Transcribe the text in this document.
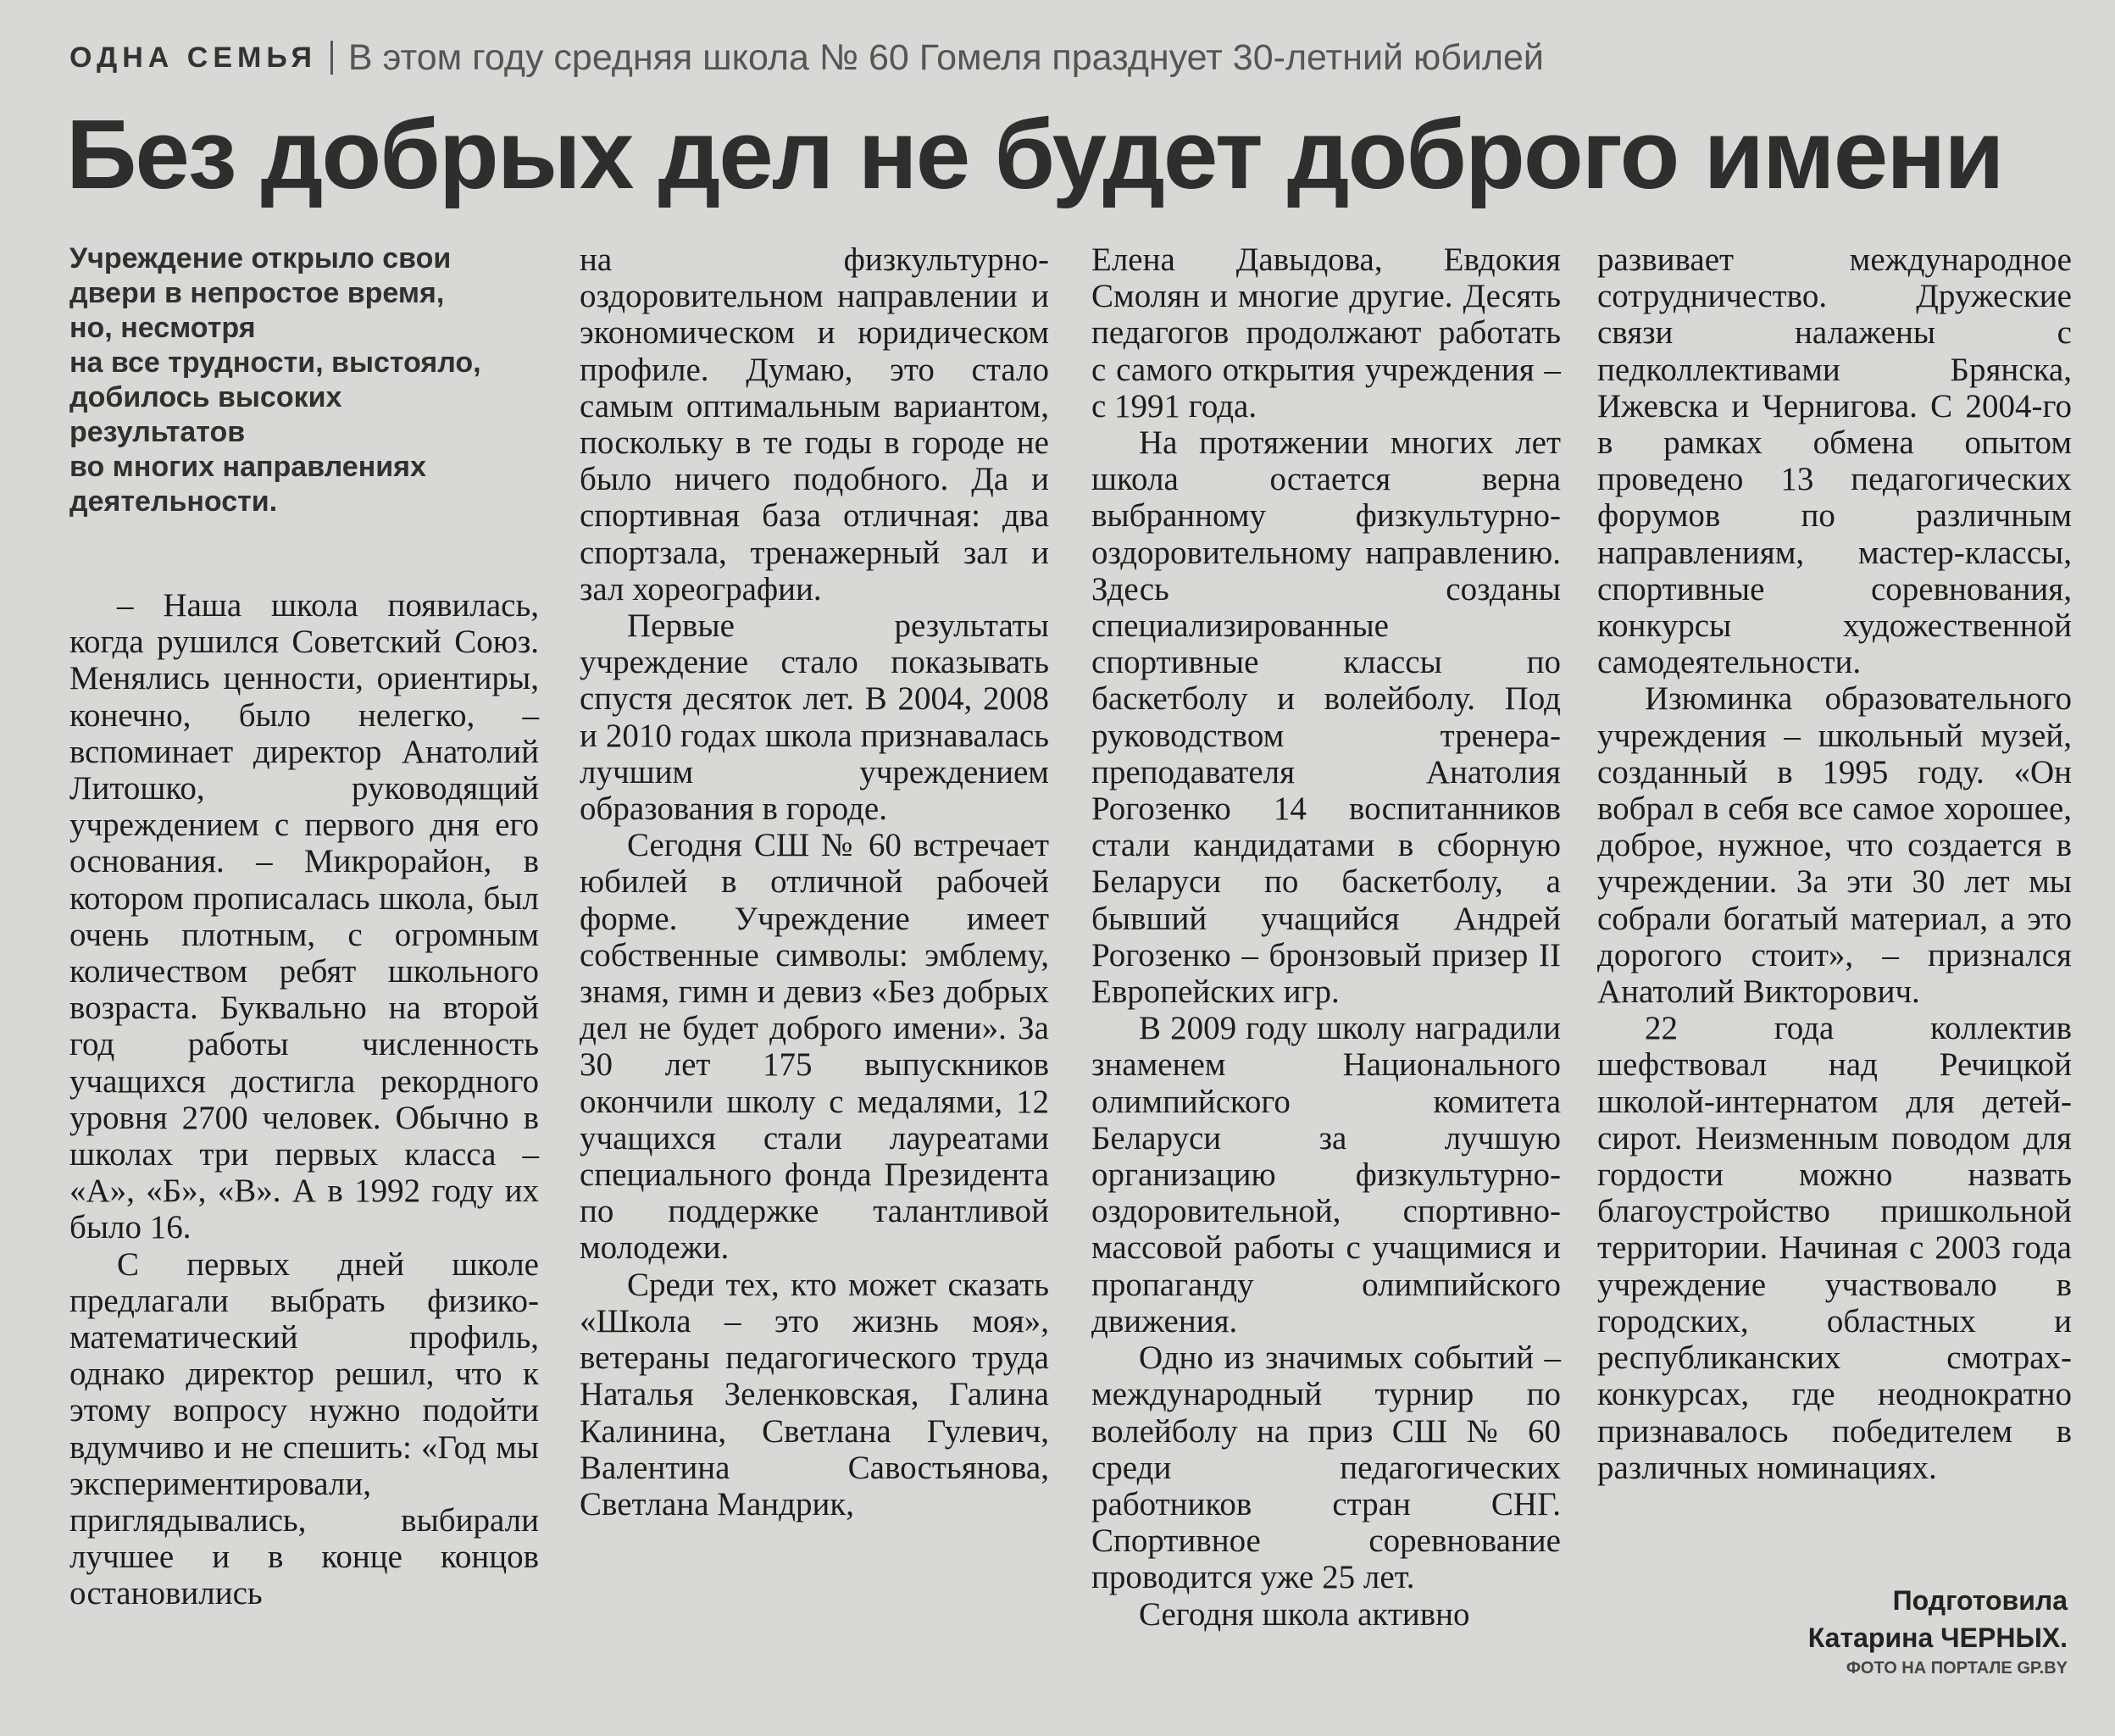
ОДНА СЕМЬЯ В этом году средняя школа № 60 Гомеля празднует 30-летний юбилей
Без добрых дел не будет доброго имени

Учреждение открыло свои

двери в непростое время,

но, несмотря

на все трудности, выстояло,

добилось высоких

результатов

во многих направлениях

деятельности.

– Наша школа появилась, когда рушился Советский Союз. Менялись ценности, ориентиры, конечно, было нелегко, – вспоминает директор Анатолий Литошко, руководящий учреждением с первого дня его основания. – Микрорайон, в котором прописалась школа, был очень плотным, с огромным количеством ребят школьного возраста. Буквально на второй год работы численность учащихся достигла рекордного уровня 2700 человек. Обычно в школах три первых класса – «А», «Б», «В». А в 1992 году их было 16.

С первых дней школе предлагали выбрать физико-математический профиль, однако директор решил, что к этому вопросу нужно подойти вдумчиво и не спешить: «Год мы экспериментировали, приглядывались, выбирали лучшее и в конце концов остановились

на физкультурно-оздоровительном направлении и экономическом и юридическом профиле. Думаю, это стало самым оптимальным вариантом, поскольку в те годы в городе не было ничего подобного. Да и спортивная база отличная: два спортзала, тренажерный зал и зал хореографии.

Первые результаты учреждение стало показывать спустя десяток лет. В 2004, 2008 и 2010 годах школа признавалась лучшим учреждением образования в городе.

Сегодня СШ № 60 встречает юбилей в отличной рабочей форме. Учреждение имеет собственные символы: эмблему, знамя, гимн и девиз «Без добрых дел не будет доброго имени». За 30 лет 175 выпускников окончили школу с медалями, 12 учащихся стали лауреатами специального фонда Президента по поддержке талантливой молодежи.

Среди тех, кто может сказать «Школа – это жизнь моя», ветераны педагогического труда Наталья Зеленковская, Галина Калинина, Светлана Гулевич, Валентина Савостьянова, Светлана Мандрик,

Елена Давыдова, Евдокия Смолян и многие другие. Десять педагогов продолжают работать с самого открытия учреждения – с 1991 года.

На протяжении многих лет школа остается верна выбранному физкультурно-оздоровительному направлению. Здесь созданы специализированные спортивные классы по баскетболу и волейболу. Под руководством тренера-преподавателя Анатолия Рогозенко 14 воспитанников стали кандидатами в сборную Беларуси по баскетболу, а бывший учащийся Андрей Рогозенко – бронзовый призер II Европейских игр.

В 2009 году школу наградили знаменем Национального олимпийского комитета Беларуси за лучшую организацию физкультурно-оздоровительной, спортивно-массовой работы с учащимися и пропаганду олимпийского движения.

Одно из значимых событий – международный турнир по волейболу на приз СШ № 60 среди педагогических работников стран СНГ. Спортивное соревнование проводится уже 25 лет.

Сегодня школа активно

развивает международное сотрудничество. Дружеские связи налажены с педколлективами Брянска, Ижевска и Чернигова. С 2004-го в рамках обмена опытом проведено 13 педагогических форумов по различным направлениям, мастер-классы, спортивные соревнования, конкурсы художественной самодеятельности.

Изюминка образовательного учреждения – школьный музей, созданный в 1995 году. «Он вобрал в себя все самое хорошее, доброе, нужное, что создается в учреждении. За эти 30 лет мы собрали богатый материал, а это дорогого стоит», – признался Анатолий Викторович.

22 года коллектив шефствовал над Речицкой школой-интернатом для детей-сирот. Неизменным поводом для гордости можно назвать благоустройство пришкольной территории. Начиная с 2003 года учреждение участвовало в городских, областных и республиканских смотрах-конкурсах, где неоднократно признавалось победителем в различных номинациях.

Подготовила
Катарина ЧЕРНЫХ.
ФОТО НА ПОРТАЛЕ GP.BY
